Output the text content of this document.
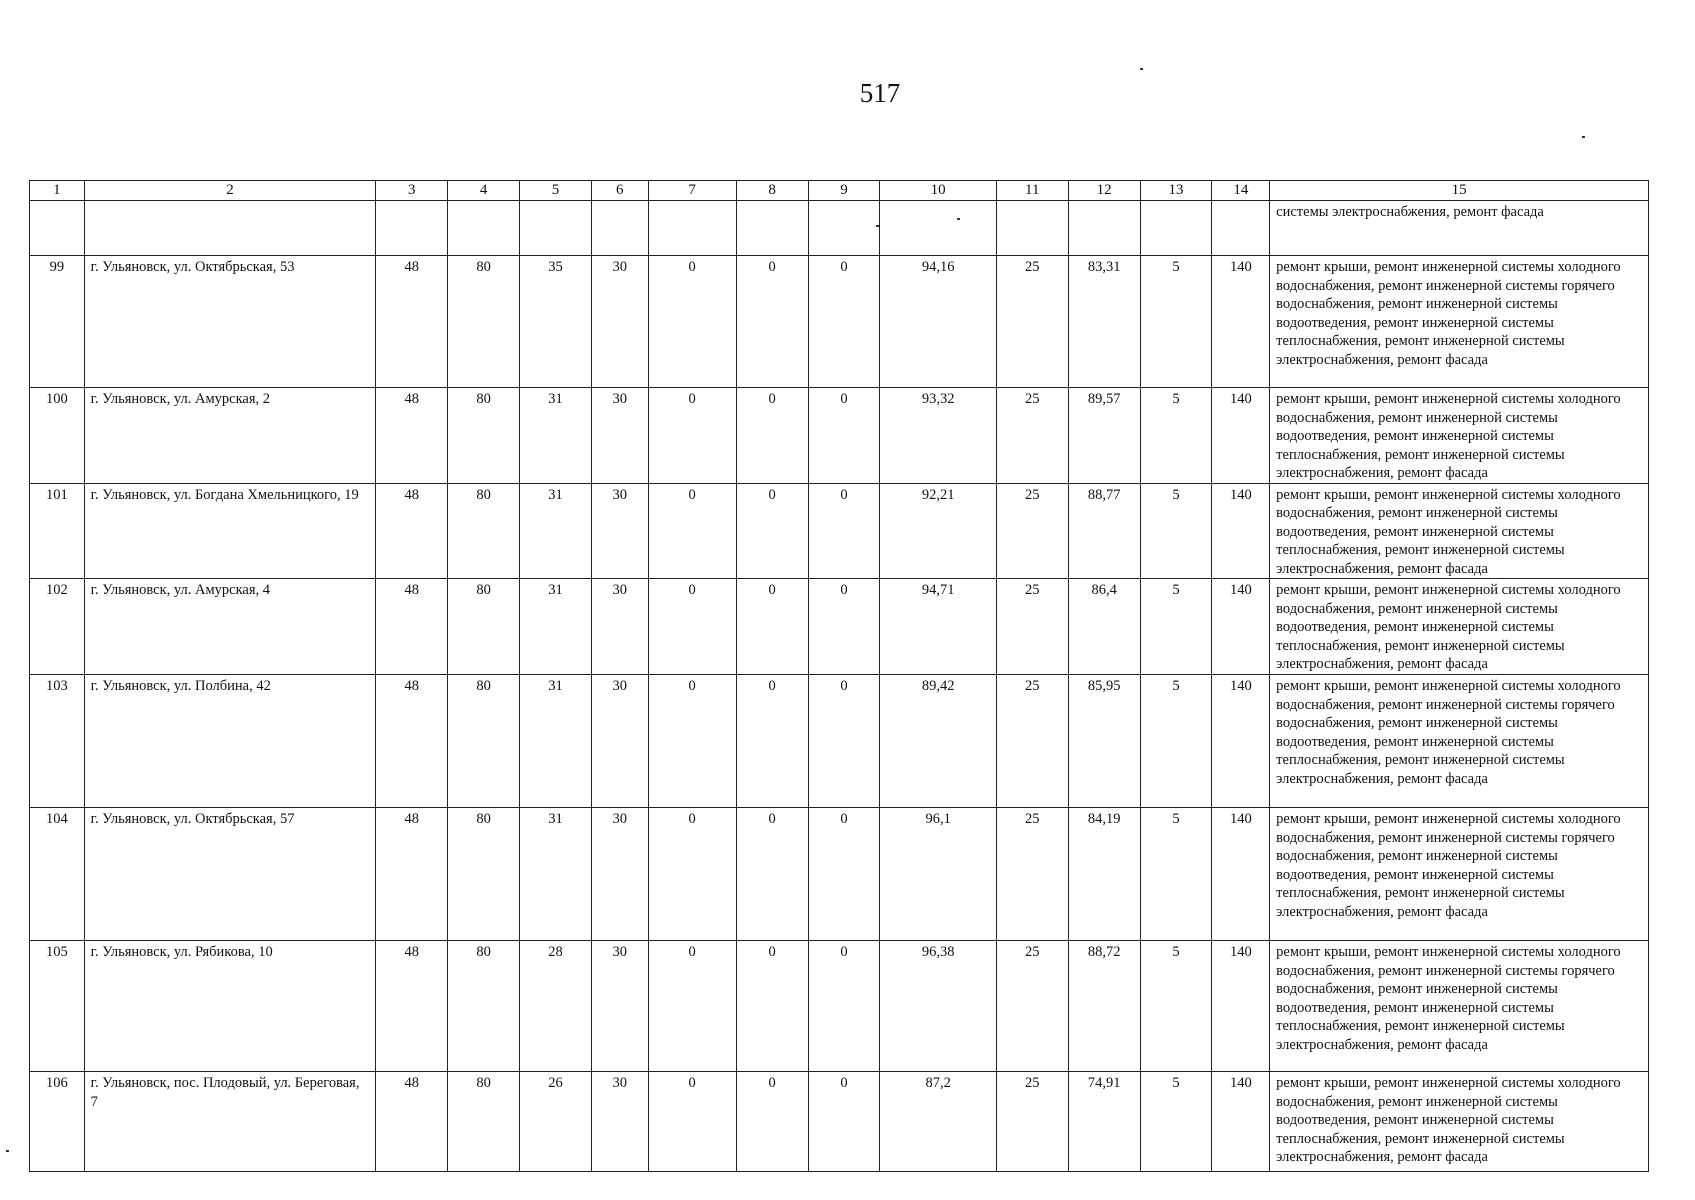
517
1	2	3	4	5	6	7	8	9	10	11	12	13	14	15
														системы электроснабжения, ремонт фасада
99	г. Ульяновск, ул. Октябрьская, 53	48	80	35	30	0	0	0	94,16	25	83,31	5	140	ремонт крыши, ремонт инженерной системы холодного водоснабжения, ремонт инженерной системы горячего водоснабжения, ремонт инженерной системы водоотведения, ремонт инженерной системы теплоснабжения, ремонт инженерной системы электроснабжения, ремонт фасада
100	г. Ульяновск, ул. Амурская, 2	48	80	31	30	0	0	0	93,32	25	89,57	5	140	ремонт крыши, ремонт инженерной системы холодного водоснабжения, ремонт инженерной системы водоотведения, ремонт инженерной системы теплоснабжения, ремонт инженерной системы электроснабжения, ремонт фасада
101	г. Ульяновск, ул. Богдана Хмельницкого, 19	48	80	31	30	0	0	0	92,21	25	88,77	5	140	ремонт крыши, ремонт инженерной системы холодного водоснабжения, ремонт инженерной системы водоотведения, ремонт инженерной системы теплоснабжения, ремонт инженерной системы электроснабжения, ремонт фасада
102	г. Ульяновск, ул. Амурская, 4	48	80	31	30	0	0	0	94,71	25	86,4	5	140	ремонт крыши, ремонт инженерной системы холодного водоснабжения, ремонт инженерной системы водоотведения, ремонт инженерной системы теплоснабжения, ремонт инженерной системы электроснабжения, ремонт фасада
103	г. Ульяновск, ул. Полбина, 42	48	80	31	30	0	0	0	89,42	25	85,95	5	140	ремонт крыши, ремонт инженерной системы холодного водоснабжения, ремонт инженерной системы горячего водоснабжения, ремонт инженерной системы водоотведения, ремонт инженерной системы теплоснабжения, ремонт инженерной системы электроснабжения, ремонт фасада
104	г. Ульяновск, ул. Октябрьская, 57	48	80	31	30	0	0	0	96,1	25	84,19	5	140	ремонт крыши, ремонт инженерной системы холодного водоснабжения, ремонт инженерной системы горячего водоснабжения, ремонт инженерной системы водоотведения, ремонт инженерной системы теплоснабжения, ремонт инженерной системы электроснабжения, ремонт фасада
105	г. Ульяновск, ул. Рябикова, 10	48	80	28	30	0	0	0	96,38	25	88,72	5	140	ремонт крыши, ремонт инженерной системы холодного водоснабжения, ремонт инженерной системы горячего водоснабжения, ремонт инженерной системы водоотведения, ремонт инженерной системы теплоснабжения, ремонт инженерной системы электроснабжения, ремонт фасада
106	г. Ульяновск, пос. Плодовый, ул. Береговая, 7	48	80	26	30	0	0	0	87,2	25	74,91	5	140	ремонт крыши, ремонт инженерной системы холодного водоснабжения, ремонт инженерной системы водоотведения, ремонт инженерной системы теплоснабжения, ремонт инженерной системы электроснабжения, ремонт фасада
